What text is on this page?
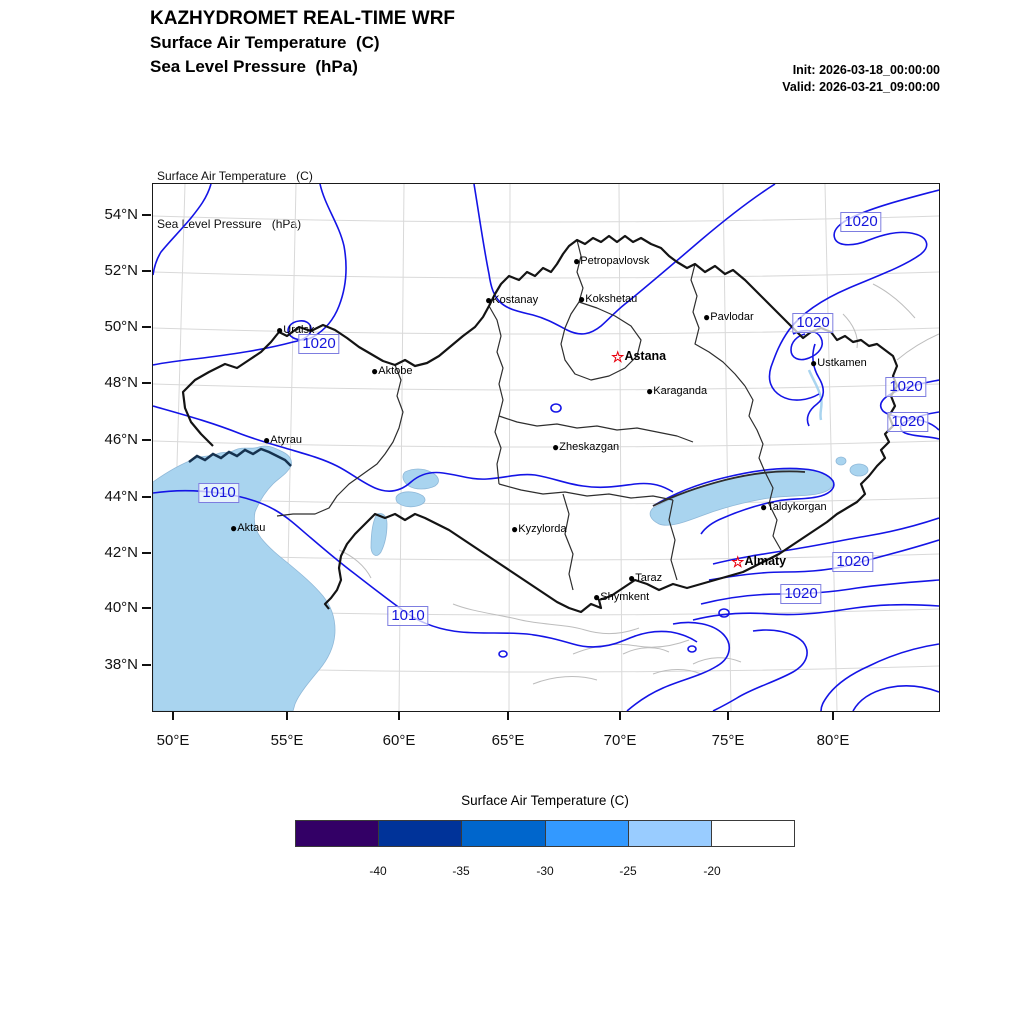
KAZHYDROMET REAL-TIME WRF
Surface Air Temperature  (C)
Sea Level Pressure  (hPa)	Init: 2026-03-18_00:00:00
Valid: 2026-03-21_09:00:00

Surface Air Temperature   (C)

Sea Level Pressure   (hPa)

54°N
52°N
50°N
48°N
46°N
44°N
42°N
40°N
38°N
50°E	55°E	60°E	65°E	70°E	75°E	80°E
1020
1020
1020
1020
1020
1020
1020
1010
1010
●Petropavlovsk
●Kokshetau
●Kostanay
●Pavlodar
●Uralsk
☆Astana
●Aktobe
●Ustkamen
●Karaganda
●Atyrau	●Zheskazgan
●Taldykorgan
●Aktau	●Kyzylorda
☆Almaty
●Taraz
●Shymkent
Surface Air Temperature (C)
-40	-35	-30	-25	-20
